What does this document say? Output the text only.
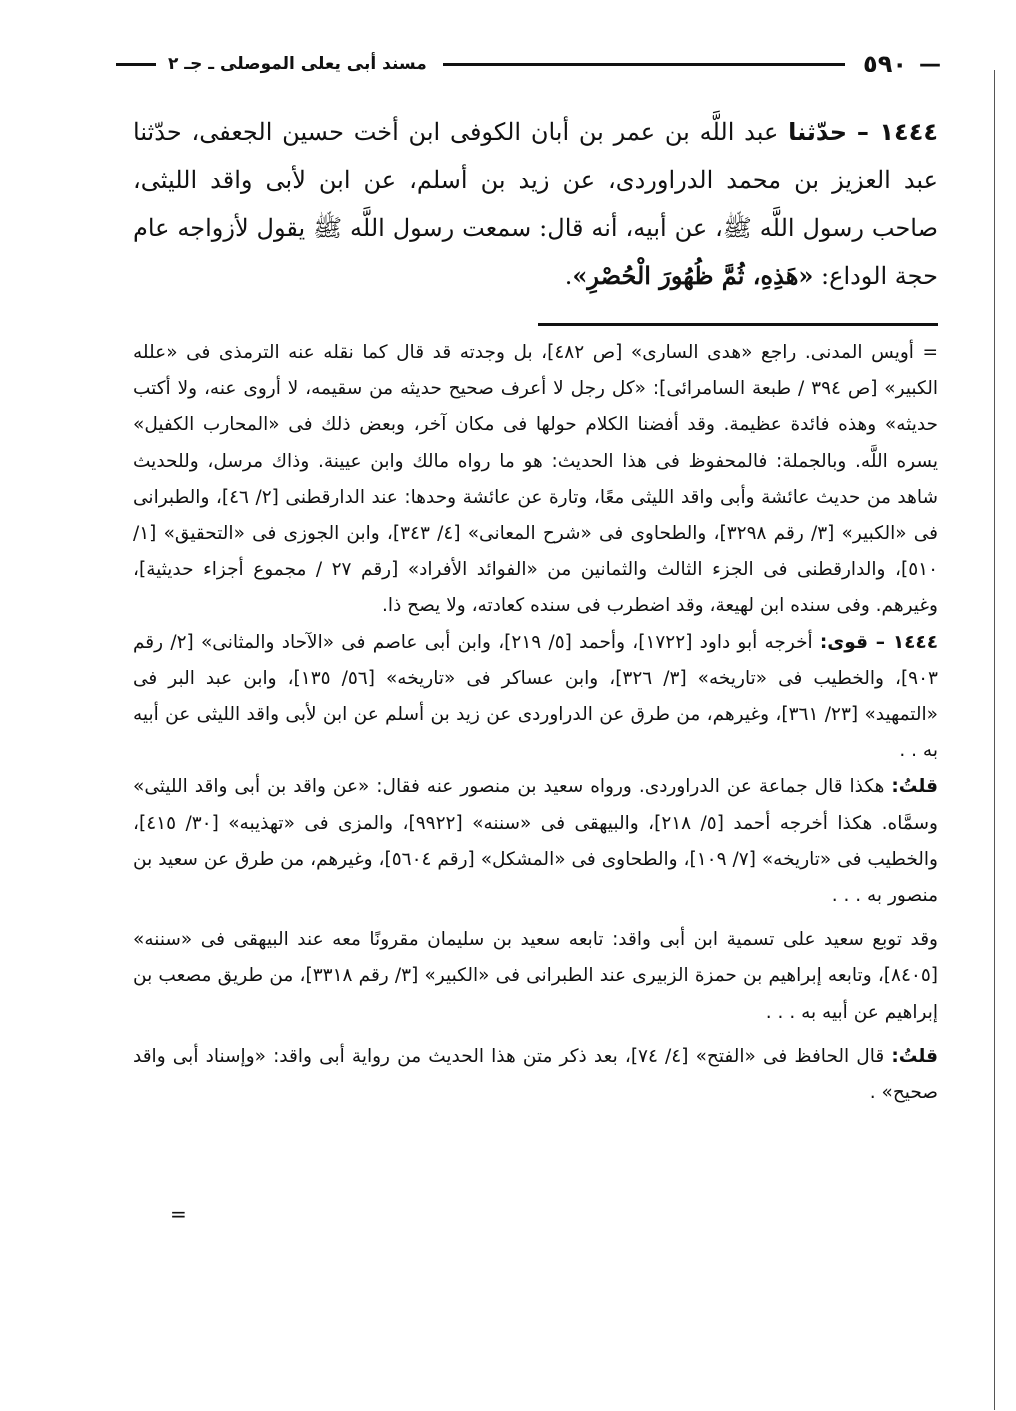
—
٥٩٠
مسند أبى يعلى الموصلى ـ جـ ٢
١٤٤٤ – حدّثنا عبد اللَّه بن عمر بن أبان الكوفى ابن أخت حسين الجعفى، حدّثنا عبد العزيز بن محمد الدراوردى، عن زيد بن أسلم، عن ابن لأبى واقد الليثى، صاحب رسول اللَّه ﷺ، عن أبيه، أنه قال: سمعت رسول اللَّه ﷺ يقول لأزواجه عام حجة الوداع: «هَذِهِ، ثُمَّ ظُهُورَ الْحُصْرِ».

= أويس المدنى. راجع «هدى السارى» [ص ٤٨٢]، بل وجدته قد قال كما نقله عنه الترمذى فى «علله الكبير» [ص ٣٩٤ / طبعة السامرائى]: «كل رجل لا أعرف صحيح حديثه من سقيمه، لا أروى عنه، ولا أكتب حديثه» وهذه فائدة عظيمة. وقد أفضنا الكلام حولها فى مكان آخر، وبعض ذلك فى «المحارب الكفيل» يسره اللَّه. وبالجملة: فالمحفوظ فى هذا الحديث: هو ما رواه مالك وابن عيينة. وذاك مرسل، وللحديث شاهد من حديث عائشة وأبى واقد الليثى معًا، وتارة عن عائشة وحدها: عند الدارقطنى [٢/ ٤٦]، والطبرانى فى «الكبير» [٣/ رقم ٣٢٩٨]، والطحاوى فى «شرح المعانى» [٤/ ٣٤٣]، وابن الجوزى فى «التحقيق» [١/ ٥١٠]، والدارقطنى فى الجزء الثالث والثمانين من «الفوائد الأفراد» [رقم ٢٧ / مجموع أجزاء حديثية]، وغيرهم. وفى سنده ابن لهيعة، وقد اضطرب فى سنده كعادته، ولا يصح ذا.

١٤٤٤ – قوى: أخرجه أبو داود [١٧٢٢]، وأحمد [٥/ ٢١٩]، وابن أبى عاصم فى «الآحاد والمثانى» [٢/ رقم ٩٠٣]، والخطيب فى «تاريخه» [٣/ ٣٢٦]، وابن عساكر فى «تاريخه» [٥٦/ ١٣٥]، وابن عبد البر فى «التمهيد» [٢٣/ ٣٦١]، وغيرهم، من طرق عن الدراوردى عن زيد بن أسلم عن ابن لأبى واقد الليثى عن أبيه به . .

قلتُ: هكذا قال جماعة عن الدراوردى. ورواه سعيد بن منصور عنه فقال: «عن واقد بن أبى واقد الليثى» وسمَّاه. هكذا أخرجه أحمد [٥/ ٢١٨]، والبيهقى فى «سننه» [٩٩٢٢]، والمزى فى «تهذيبه» [٣٠/ ٤١٥]، والخطيب فى «تاريخه» [٧/ ١٠٩]، والطحاوى فى «المشكل» [رقم ٥٦٠٤]، وغيرهم، من طرق عن سعيد بن منصور به . . .

وقد توبع سعيد على تسمية ابن أبى واقد: تابعه سعيد بن سليمان مقرونًا معه عند البيهقى فى «سننه» [٨٤٠٥]، وتابعه إبراهيم بن حمزة الزبيرى عند الطبرانى فى «الكبير» [٣/ رقم ٣٣١٨]، من طريق مصعب بن إبراهيم عن أبيه به . . .

قلتُ: قال الحافظ فى «الفتح» [٤/ ٧٤]، بعد ذكر متن هذا الحديث من رواية أبى واقد: «وإسناد أبى واقد صحيح» .

=
